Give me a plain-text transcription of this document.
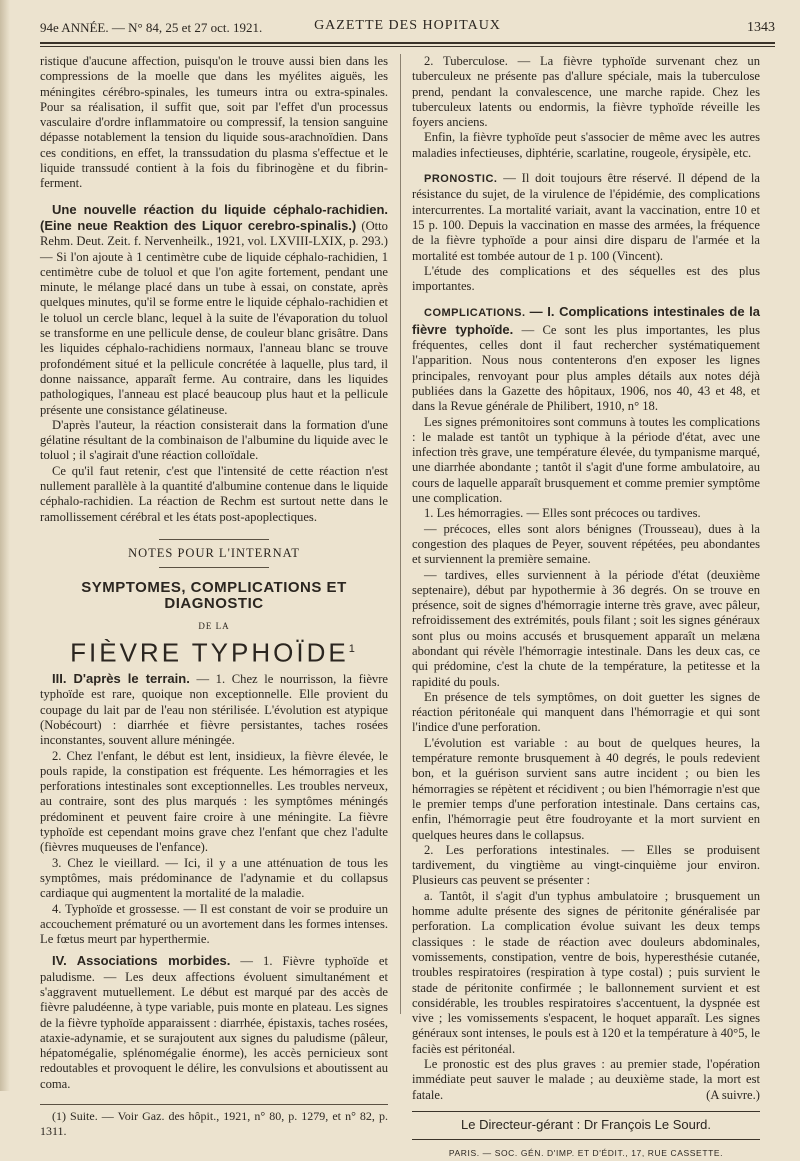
94e ANNÉE. — N° 84, 25 et 27 oct. 1921.	GAZETTE DES HOPITAUX	1343

ristique d'aucune affection, puisqu'on le trouve aussi bien dans les compressions de la moelle que dans les myélites aiguës, les méningites cérébro-spinales, les tumeurs intra ou extra-spinales. Pour sa réalisation, il suffit que, soit par l'effet d'un processus vasculaire d'ordre inflammatoire ou compressif, la tension sanguine dépasse notablement la tension du liquide sous-arachnoïdien. Dans ces conditions, en effet, la transsudation du plasma s'effectue et le liquide transsudé contient à la fois du fibrinogène et du fibrin-ferment.

Une nouvelle réaction du liquide céphalo-rachidien. (Eine neue Reaktion des Liquor cerebro-spinalis.) (Otto Rehm. Deut. Zeit. f. Nervenheilk., 1921, vol. LXVIII-LXIX, p. 293.) — Si l'on ajoute à 1 centimètre cube de liquide céphalo-rachidien, 1 centimètre cube de toluol et que l'on agite fortement, pendant une minute, le mélange placé dans un tube à essai, on constate, après quelques minutes, qu'il se forme entre le liquide céphalo-rachidien et le toluol un cercle blanc, lequel à la suite de l'évaporation du toluol se transforme en une pellicule dense, de couleur blanc grisâtre. Dans les liquides céphalo-rachidiens normaux, l'anneau blanc se trouve profondément situé et la pellicule concrétée à laquelle, plus tard, il donne naissance, apparaît ferme. Au contraire, dans les liquides pathologiques, l'anneau est placé beaucoup plus haut et la pellicule présente une consistance gélatineuse.

D'après l'auteur, la réaction consisterait dans la formation d'une gélatine résultant de la combinaison de l'albumine du liquide avec le toluol ; il s'agirait d'une réaction colloïdale.

Ce qu'il faut retenir, c'est que l'intensité de cette réaction n'est nullement parallèle à la quantité d'albumine contenue dans le liquide céphalo-rachidien. La réaction de Rechm est surtout nette dans le ramollissement cérébral et les états post-apoplectiques.

NOTES POUR L'INTERNAT
SYMPTOMES, COMPLICATIONS ET DIAGNOSTIC
DE LA
FIÈVRE TYPHOÏDE$^1$

III. D'après le terrain. — 1. Chez le nourrisson, la fièvre typhoïde est rare, quoique non exceptionnelle. Elle provient du coupage du lait par de l'eau non stérilisée. L'évolution est atypique (Nobécourt) : diarrhée et fièvre persistantes, taches rosées inconstantes, souvent allure méningée.

2. Chez l'enfant, le début est lent, insidieux, la fièvre élevée, le pouls rapide, la constipation est fréquente. Les hémorragies et les perforations intestinales sont exceptionnelles. Les troubles nerveux, au contraire, sont des plus marqués : les symptômes méningés prédominent et peuvent faire croire à une méningite. La fièvre typhoïde est cependant moins grave chez l'enfant que chez l'adulte (fièvres muqueuses de l'enfance).

3. Chez le vieillard. — Ici, il y a une atténuation de tous les symptômes, mais prédominance de l'adynamie et du collapsus cardiaque qui augmentent la mortalité de la maladie.

4. Typhoïde et grossesse. — Il est constant de voir se produire un accouchement prématuré ou un avortement dans les formes intenses. Le fœtus meurt par hyperthermie.

IV. Associations morbides. — 1. Fièvre typhoïde et paludisme. — Les deux affections évoluent simultanément et s'aggravent mutuellement. Le début est marqué par des accès de fièvre paludéenne, à type variable, puis monte en plateau. Les signes de la fièvre typhoïde apparaissent : diarrhée, épistaxis, taches rosées, ataxie-adynamie, et se surajoutent aux signes du paludisme (pâleur, hépatomégalie, splénomégalie énorme), les accès pernicieux sont redoutables et provoquent le délire, les convulsions et aboutissent au coma.

(1) Suite. — Voir Gaz. des hôpit., 1921, n° 80, p. 1279, et n° 82, p. 1311.

2. Tuberculose. — La fièvre typhoïde survenant chez un tuberculeux ne présente pas d'allure spéciale, mais la tuberculose prend, pendant la convalescence, une marche rapide. Chez les tuberculeux latents ou endormis, la fièvre typhoïde réveille les foyers anciens.

Enfin, la fièvre typhoïde peut s'associer de même avec les autres maladies infectieuses, diphtérie, scarlatine, rougeole, érysipèle, etc.

PRONOSTIC. — Il doit toujours être réservé. Il dépend de la résistance du sujet, de la virulence de l'épidémie, des complications intercurrentes. La mortalité variait, avant la vaccination, entre 10 et 15 p. 100. Depuis la vaccination en masse des armées, la fréquence de la fièvre typhoïde a pour ainsi dire disparu de l'armée et la mortalité est tombée autour de 1 p. 100 (Vincent).

L'étude des complications et des séquelles est des plus importantes.

COMPLICATIONS. — I. Complications intestinales de la fièvre typhoïde. — Ce sont les plus importantes, les plus fréquentes, celles dont il faut rechercher systématiquement l'apparition. Nous nous contenterons d'en exposer les lignes principales, renvoyant pour plus amples détails aux notes déjà publiées dans la Gazette des hôpitaux, 1906, nos 40, 43 et 48, et dans la Revue générale de Philibert, 1910, n° 18.

Les signes prémonitoires sont communs à toutes les complications : le malade est tantôt un typhique à la période d'état, avec une infection très grave, une température élevée, du tympanisme marqué, une diarrhée abondante ; tantôt il s'agit d'une forme ambulatoire, au cours de laquelle apparaît brusquement et comme premier symptôme une complication.

1. Les hémorragies. — Elles sont précoces ou tardives.

— précoces, elles sont alors bénignes (Trousseau), dues à la congestion des plaques de Peyer, souvent répétées, peu abondantes et surviennent la première semaine.

— tardives, elles surviennent à la période d'état (deuxième septenaire), début par hypothermie à 36 degrés. On se trouve en présence, soit de signes d'hémorragie interne très grave, avec pâleur, refroidissement des extrémités, pouls filant ; soit les signes généraux sont plus ou moins accusés et brusquement apparaît un melæna abondant qui révèle l'hémorragie intestinale. Dans les deux cas, ce qui prédomine, c'est la chute de la température, la petitesse et la rapidité du pouls.

En présence de tels symptômes, on doit guetter les signes de réaction péritonéale qui manquent dans l'hémorragie et qui sont l'indice d'une perforation.

L'évolution est variable : au bout de quelques heures, la température remonte brusquement à 40 degrés, le pouls redevient bon, et la guérison survient sans autre incident ; ou bien les hémorragies se répètent et récidivent ; ou bien l'hémorragie n'est que le premier temps d'une perforation intestinale. Dans certains cas, enfin, l'hémorragie peut être foudroyante et la mort survient en quelques heures dans le collapsus.

2. Les perforations intestinales. — Elles se produisent tardivement, du vingtième au vingt-cinquième jour environ. Plusieurs cas peuvent se présenter :

a. Tantôt, il s'agit d'un typhus ambulatoire ; brusquement un homme adulte présente des signes de péritonite généralisée par perforation. La complication évolue suivant les deux temps classiques : le stade de réaction avec douleurs abdominales, vomissements, constipation, ventre de bois, hyperesthésie cutanée, troubles respiratoires (respiration à type costal) ; puis survient le stade de péritonite confirmée ; le ballonnement survient et est considérable, les troubles respiratoires s'accentuent, la dyspnée est vive ; les vomissements s'espacent, le hoquet apparaît. Les signes généraux sont intenses, le pouls est à 120 et la température à 40°5, le faciès est péritonéal.

Le pronostic est des plus graves : au premier stade, l'opération immédiate peut sauver le malade ; au deuxième stade, la mort est fatale.	(A suivre.)

Le Directeur-gérant : Dr François Le Sourd.
PARIS. — SOC. GÉN. D'IMP. ET D'ÉDIT., 17, RUE CASSETTE.
